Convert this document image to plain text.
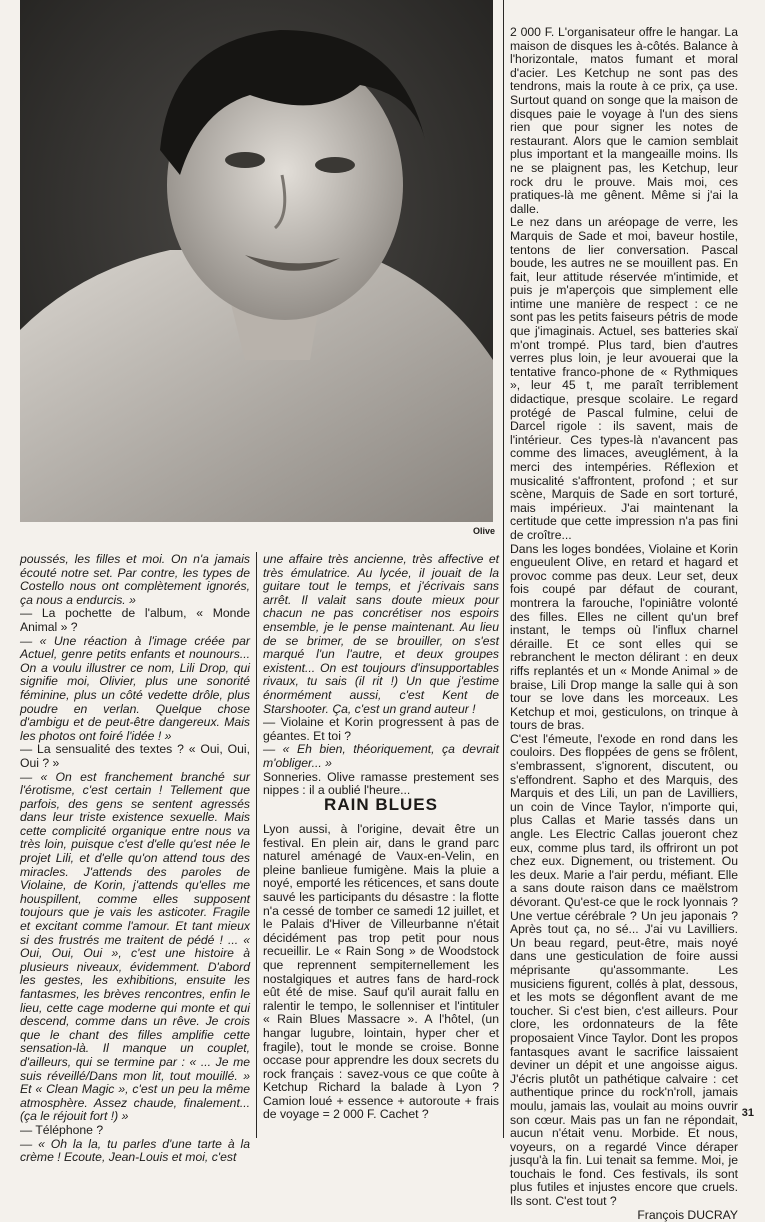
Olive

poussés, les filles et moi. On n'a jamais écouté notre set. Par contre, les types de Costello nous ont complètement ignorés, ça nous a endurcis. »

— La pochette de l'album, « Monde Animal » ?

— « Une réaction à l'image créée par Actuel, genre petits enfants et nounours... On a voulu illustrer ce nom, Lili Drop, qui signifie moi, Olivier, plus une sonorité féminine, plus un côté vedette drôle, plus poudre en verlan. Quelque chose d'ambigu et de peut-être dangereux. Mais les photos ont foiré l'idée ! »

— La sensualité des textes ? « Oui, Oui, Oui ? »

— « On est franchement branché sur l'érotisme, c'est certain ! Tellement que parfois, des gens se sentent agressés dans leur triste existence sexuelle. Mais cette complicité organique entre nous va très loin, puisque c'est d'elle qu'est née le projet Lili, et d'elle qu'on attend tous des miracles. J'attends des paroles de Violaine, de Korin, j'attends qu'elles me houspillent, comme elles supposent toujours que je vais les asticoter. Fragile et excitant comme l'amour. Et tant mieux si des frustrés me traitent de pédé ! ... « Oui, Oui, Oui », c'est une histoire à plusieurs niveaux, évidemment. D'abord les gestes, les exhibitions, ensuite les fantasmes, les brèves rencontres, enfin le lieu, cette cage moderne qui monte et qui descend, comme dans un rêve. Je crois que le chant des filles amplifie cette sensation-là. Il manque un couplet, d'ailleurs, qui se termine par : « ... Je me suis réveillé/Dans mon lit, tout mouillé. » Et « Clean Magic », c'est un peu la même atmosphère. Assez chaude, finalement... (ça le réjouit fort !) »

— Téléphone ?

— « Oh la la, tu parles d'une tarte à la crème ! Ecoute, Jean-Louis et moi, c'est

une affaire très ancienne, très affective et très émulatrice. Au lycée, il jouait de la guitare tout le temps, et j'écrivais sans arrêt. Il valait sans doute mieux pour chacun ne pas concrétiser nos espoirs ensemble, je le pense maintenant. Au lieu de se brimer, de se brouiller, on s'est marqué l'un l'autre, et deux groupes existent... On est toujours d'insupportables rivaux, tu sais (il rit !) Un que j'estime énormément aussi, c'est Kent de Starshooter. Ça, c'est un grand auteur !

— Violaine et Korin progressent à pas de géantes. Et toi ?

— « Eh bien, théoriquement, ça devrait m'obliger... »

Sonneries. Olive ramasse prestement ses nippes : il a oublié l'heure...

RAIN BLUES

Lyon aussi, à l'origine, devait être un festival. En plein air, dans le grand parc naturel aménagé de Vaux-en-Velin, en pleine banlieue fumigène. Mais la pluie a noyé, emporté les réticences, et sans doute sauvé les participants du désastre : la flotte n'a cessé de tomber ce samedi 12 juillet, et le Palais d'Hiver de Villeurbanne n'était décidément pas trop petit pour nous recueillir. Le « Rain Song » de Woodstock que reprennent sempiternellement les nostalgiques et autres fans de hard-rock eût été de mise. Sauf qu'il aurait fallu en ralentir le tempo, le sollenniser et l'intituler « Rain Blues Massacre ». A l'hôtel, (un hangar lugubre, lointain, hyper cher et fragile), tout le monde se croise. Bonne occase pour apprendre les doux secrets du rock français : savez-vous ce que coûte à Ketchup Richard la balade à Lyon ? Camion loué + essence + autoroute + frais de voyage = 2 000 F. Cachet ?

2 000 F. L'organisateur offre le hangar. La maison de disques les à-côtés. Balance à l'horizontale, matos fumant et moral d'acier. Les Ketchup ne sont pas des tendrons, mais la route à ce prix, ça use. Surtout quand on songe que la maison de disques paie le voyage à l'un des siens rien que pour signer les notes de restaurant. Alors que le camion semblait plus important et la mangeaille moins. Ils ne se plaignent pas, les Ketchup, leur rock dru le prouve. Mais moi, ces pratiques-là me gênent. Même si j'ai la dalle.

Le nez dans un aréopage de verre, les Marquis de Sade et moi, baveur hostile, tentons de lier conversation. Pascal boude, les autres ne se mouillent pas. En fait, leur attitude réservée m'intimide, et puis je m'aperçois que simplement elle intime une manière de respect : ce ne sont pas les petits faiseurs pétris de mode que j'imaginais. Actuel, ses batteries skaï m'ont trompé. Plus tard, bien d'autres verres plus loin, je leur avouerai que la tentative franco-phone de « Rythmiques », leur 45 t, me paraît terriblement didactique, presque scolaire. Le regard protégé de Pascal fulmine, celui de Darcel rigole : ils savent, mais de l'intérieur. Ces types-là n'avancent pas comme des limaces, aveuglément, à la merci des intempéries. Réflexion et musicalité s'affrontent, profond ; et sur scène, Marquis de Sade en sort torturé, mais impérieux. J'ai maintenant la certitude que cette impression n'a pas fini de croître...

Dans les loges bondées, Violaine et Korin engueulent Olive, en retard et hagard et provoc comme pas deux. Leur set, deux fois coupé par défaut de courant, montrera la farouche, l'opiniâtre volonté des filles. Elles ne cillent qu'un bref instant, le temps où l'influx charnel déraille. Et ce sont elles qui se rebranchent le mecton délirant : en deux riffs replantés et un « Monde Animal » de braise, Lili Drop mange la salle qui à son tour se love dans les morceaux. Les Ketchup et moi, gesticulons, on trinque à tours de bras.

C'est l'émeute, l'exode en rond dans les couloirs. Des floppées de gens se frôlent, s'embrassent, s'ignorent, discutent, ou s'effondrent. Sapho et des Marquis, des Marquis et des Lili, un pan de Lavilliers, un coin de Vince Taylor, n'importe qui, plus Callas et Marie tassés dans un angle. Les Electric Callas joueront chez eux, comme plus tard, ils offriront un pot chez eux. Dignement, ou tristement. Ou les deux. Marie a l'air perdu, méfiant. Elle a sans doute raison dans ce maëlstrom dévorant. Qu'est-ce que le rock lyonnais ? Une vertue cérébrale ? Un jeu japonais ? Après tout ça, no sé... J'ai vu Lavilliers. Un beau regard, peut-être, mais noyé dans une gesticulation de foire aussi méprisante qu'assommante. Les musiciens figurent, collés à plat, dessous, et les mots se dégonflent avant de me toucher. Si c'est bien, c'est ailleurs. Pour clore, les ordonnateurs de la fête proposaient Vince Taylor. Dont les propos fantasques avant le sacrifice laissaient deviner un dépit et une angoisse aigus. J'écris plutôt un pathétique calvaire : cet authentique prince du rock'n'roll, jamais moulu, jamais las, voulait au moins ouvrir son cœur. Mais pas un fan ne répondait, aucun n'était venu. Morbide. Et nous, voyeurs, on a regardé Vince déraper jusqu'à la fin. Lui tenait sa femme. Moi, je touchais le fond. Ces festivals, ils sont plus futiles et injustes encore que cruels. Ils sont. C'est tout ?

François DUCRAY
31
